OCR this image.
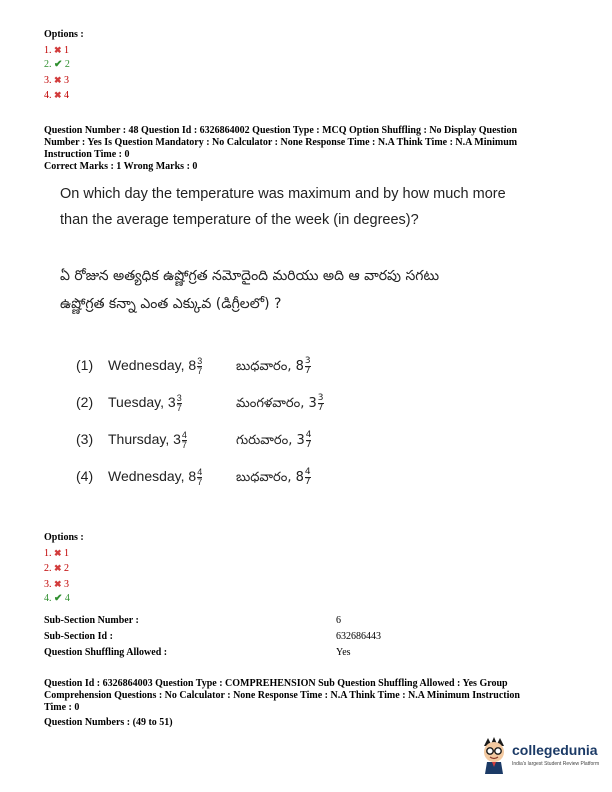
Options :
1. ✖ 1
2. ✔ 2
3. ✖ 3
4. ✖ 4
Question Number : 48 Question Id : 6326864002 Question Type : MCQ Option Shuffling : No Display Question
Number : Yes Is Question Mandatory : No Calculator : None Response Time : N.A Think Time : N.A Minimum
Instruction Time : 0
Correct Marks : 1 Wrong Marks : 0
On which day the temperature was maximum and by how much more
than the average temperature of the week (in degrees)?
ఏ రోజున అత్యధిక ఉష్ణోగ్రత నమోదైంది మరియు అది ఆ వారపు సగటు
ఉష్ణోగ్రత కన్నా ఎంత ఎక్కువ (డిగ్రీలలో) ?
(1) Wednesday, $8 \frac{3}{7}$	బుధవారం, $8 \frac{3}{7}$
(2) Tuesday, $3 \frac{3}{7}$	మంగళవారం, $3 \frac{3}{7}$
(3) Thursday, $3 \frac{4}{7}$	గురువారం, $3 \frac{4}{7}$
(4) Wednesday, $8 \frac{4}{7}$	బుధవారం, $8 \frac{4}{7}$
Options :
1. ✖ 1
2. ✖ 2
3. ✖ 3
4. ✔ 4
Sub-Section Number :	6
Sub-Section Id :	632686443
Question Shuffling Allowed :	Yes
Question Id : 6326864003 Question Type : COMPREHENSION Sub Question Shuffling Allowed : Yes Group
Comprehension Questions : No Calculator : None Response Time : N.A Think Time : N.A Minimum Instruction
Time : 0
Question Numbers : (49 to 51)
collegedunia
India's largest Student Review Platform
